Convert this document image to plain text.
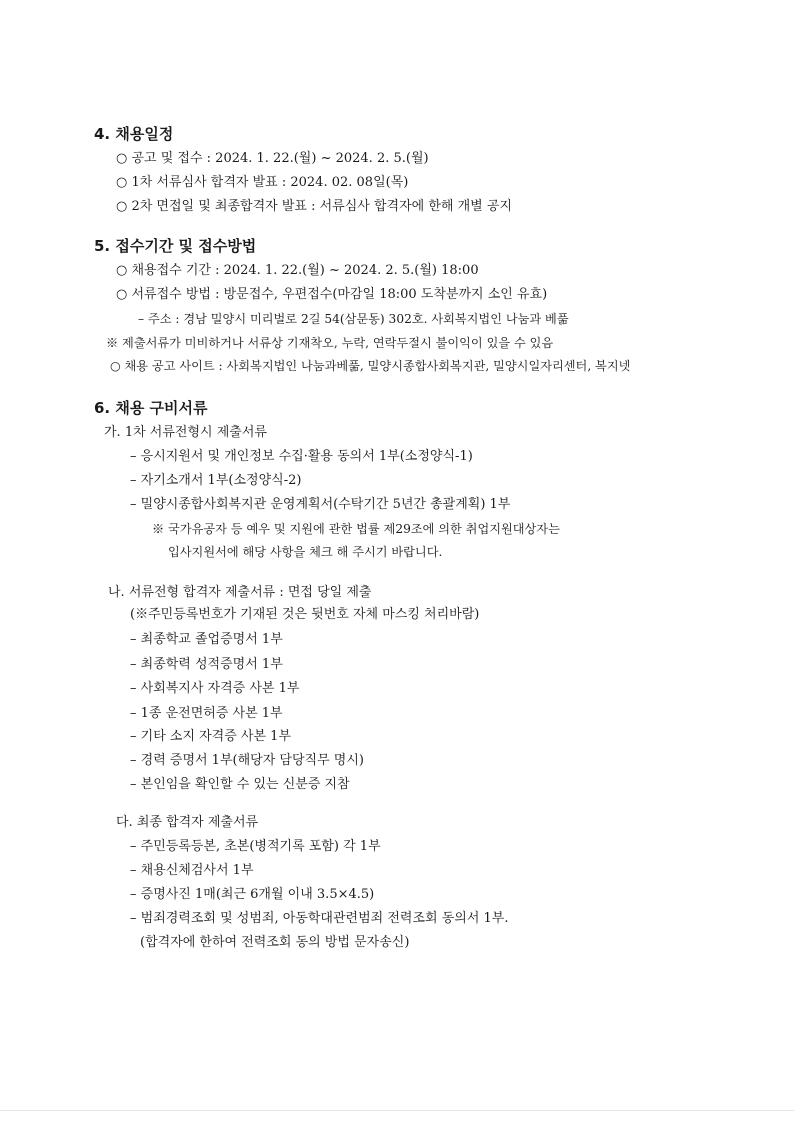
4. 채용일정
○ 공고 및 접수 : 2024. 1. 22.(월) ~ 2024. 2. 5.(월)
○ 1차 서류심사 합격자 발표 : 2024. 02. 08일(목)
○ 2차 면접일 및 최종합격자 발표 : 서류심사 합격자에 한해 개별 공지
5. 접수기간 및 접수방법
○ 채용접수 기간 : 2024. 1. 22.(월) ~ 2024. 2. 5.(월) 18:00
○ 서류접수 방법 : 방문접수, 우편접수(마감일 18:00 도착분까지 소인 유효)
– 주소 : 경남 밀양시 미리벌로 2길 54(삼문동) 302호. 사회복지법인 나눔과 베풂
※ 제출서류가 미비하거나 서류상 기재착오, 누락, 연락두절시 불이익이 있을 수 있음
○ 채용 공고 사이트 : 사회복지법인 나눔과베풂, 밀양시종합사회복지관, 밀양시일자리센터, 복지넷
6. 채용 구비서류
가. 1차 서류전형시 제출서류
– 응시지원서 및 개인정보 수집·활용 동의서 1부(소정양식-1)
– 자기소개서 1부(소정양식-2)
– 밀양시종합사회복지관 운영계획서(수탁기간 5년간 총괄계획) 1부
※ 국가유공자 등 예우 및 지원에 관한 법률 제29조에 의한 취업지원대상자는
입사지원서에 해당 사항을 체크 해 주시기 바랍니다.
나. 서류전형 합격자 제출서류 : 면접 당일 제출
(※주민등록번호가 기재된 것은 뒷번호 자체 마스킹 처리바람)
– 최종학교 졸업증명서 1부
– 최종학력 성적증명서 1부
– 사회복지사 자격증 사본 1부
– 1종 운전면허증 사본 1부
– 기타 소지 자격증 사본 1부
– 경력 증명서 1부(해당자 담당직무 명시)
– 본인임을 확인할 수 있는 신분증 지참
다. 최종 합격자 제출서류
– 주민등록등본, 초본(병적기록 포함) 각 1부
– 채용신체검사서 1부
– 증명사진 1매(최근 6개월 이내 3.5×4.5)
– 범죄경력조회 및 성범죄, 아동학대관련범죄 전력조회 동의서 1부.
(합격자에 한하여 전력조회 동의 방법 문자송신)
